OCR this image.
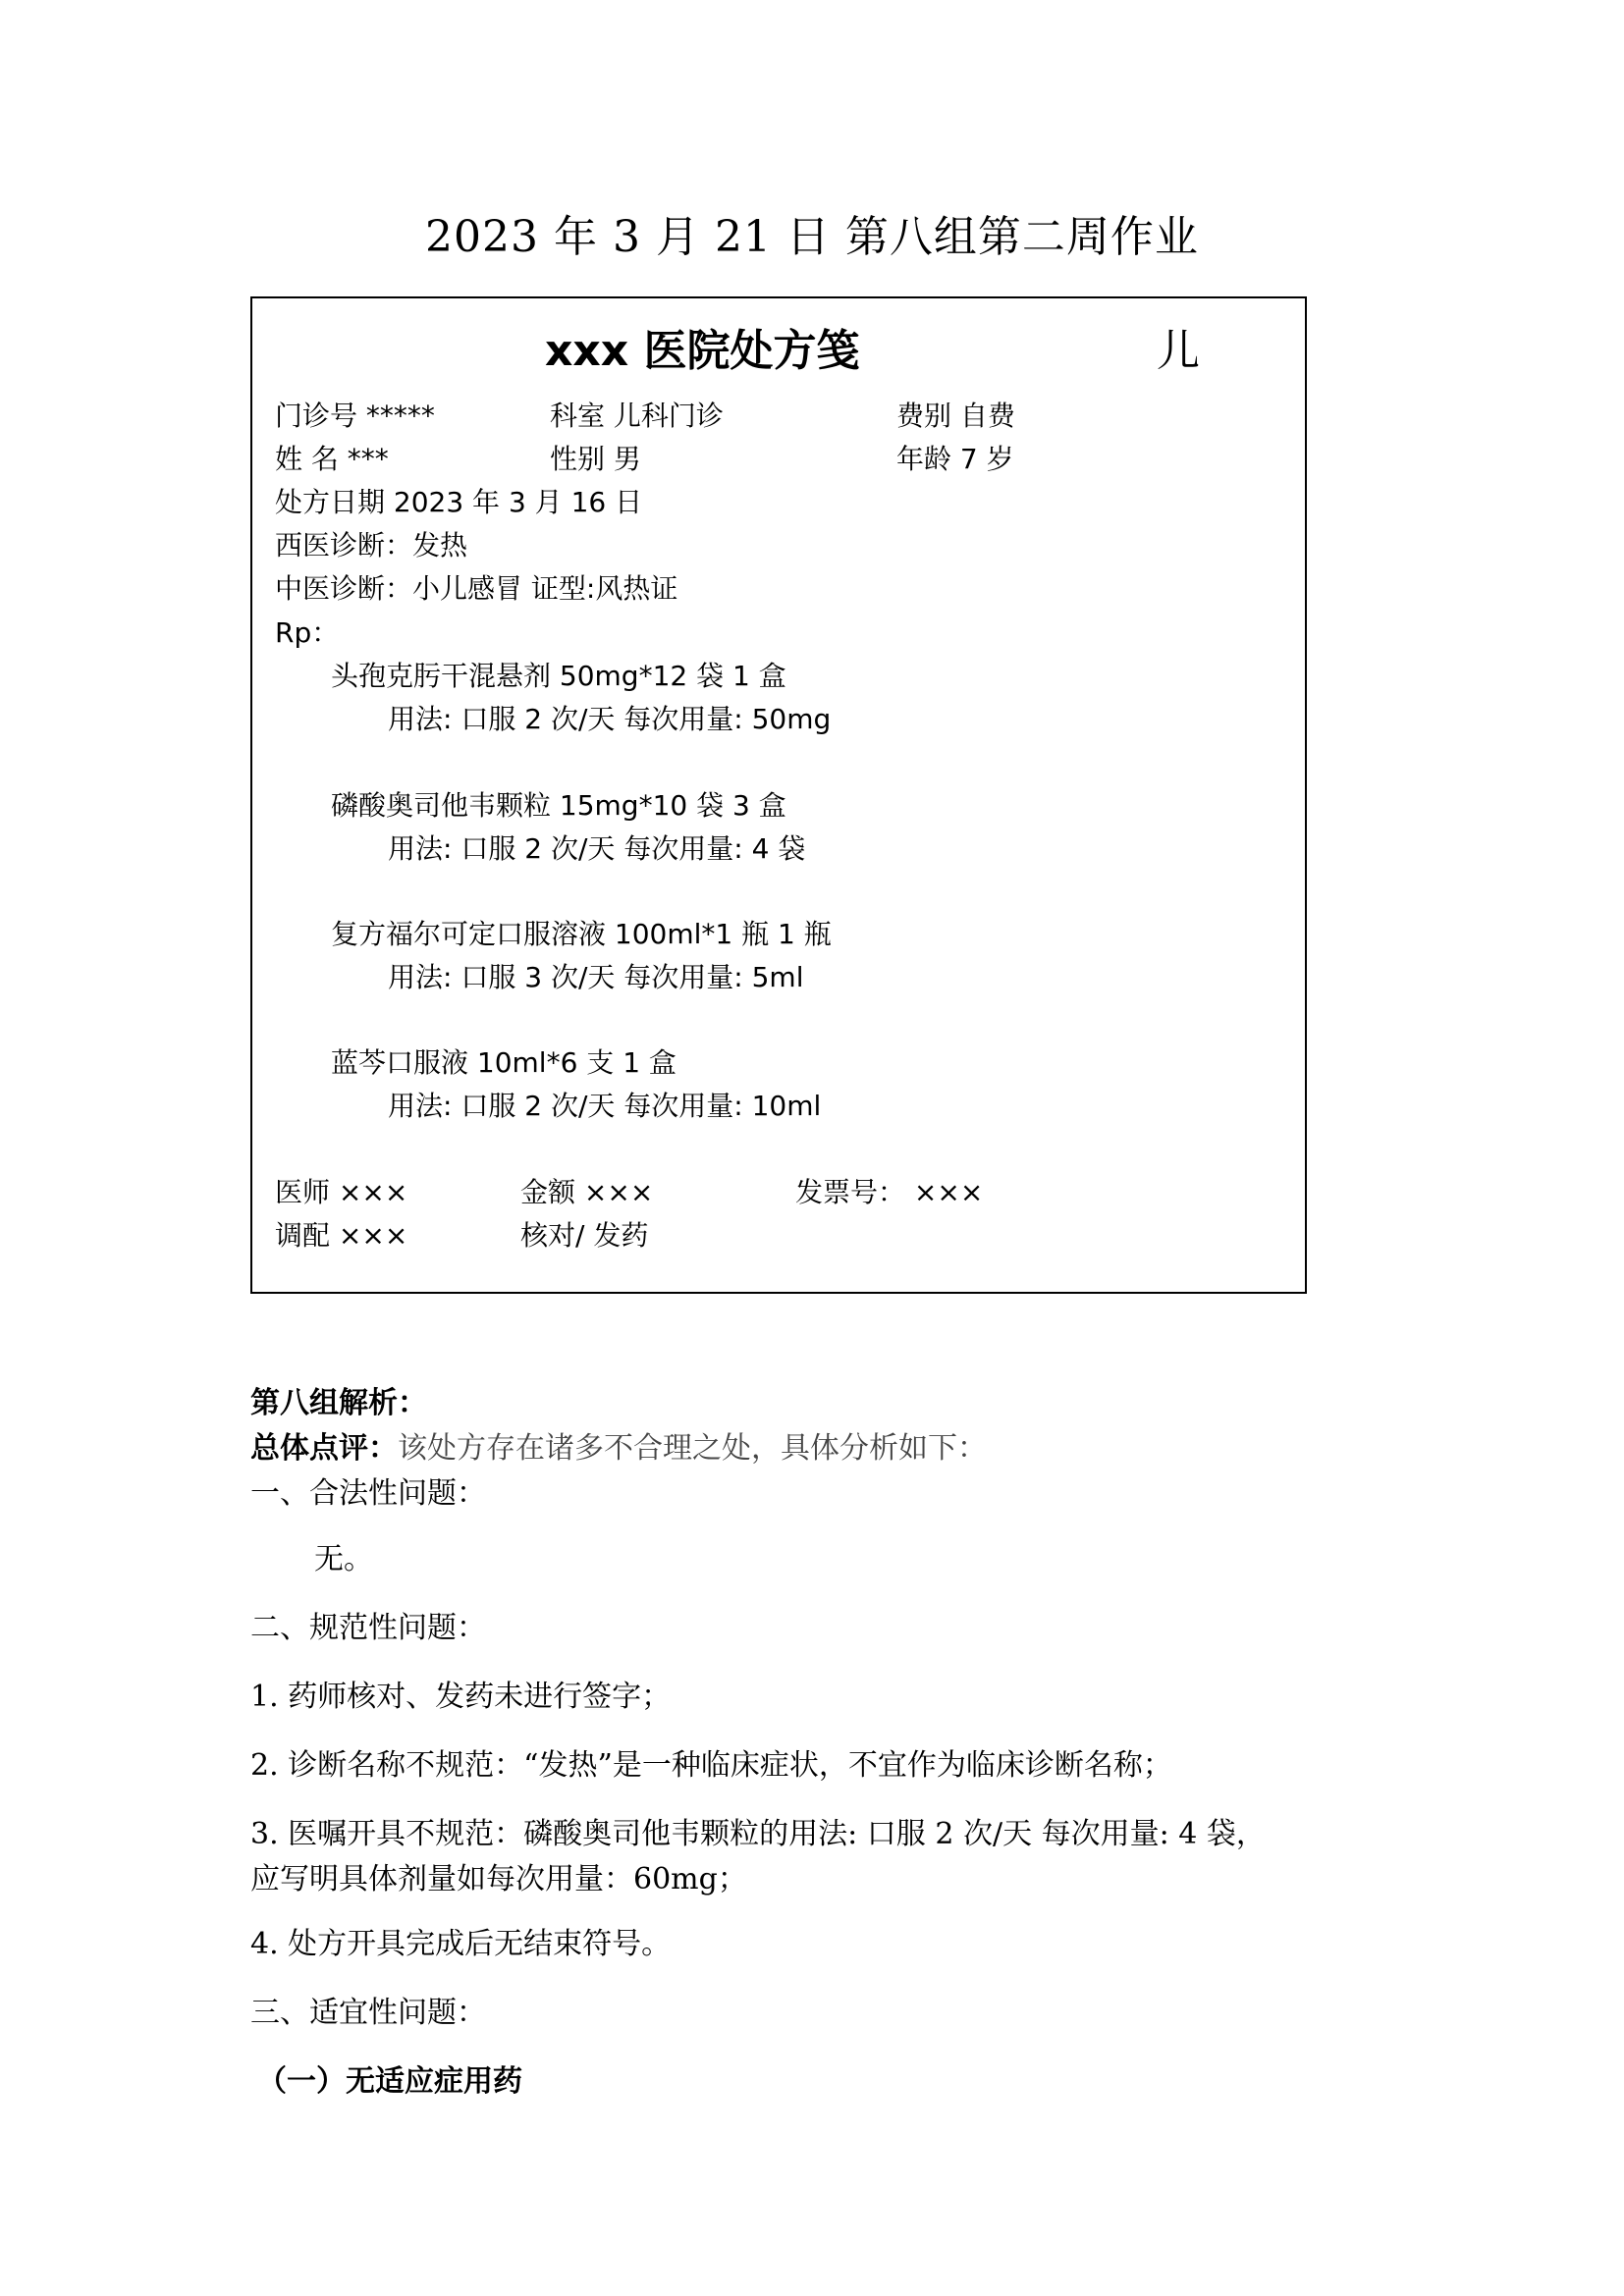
2023 年 3 月 21 日 第八组第二周作业
xxx 医院处方笺	儿
门诊号 *****	科室 儿科门诊	费别 自费
姓 名 ***	性别 男	年龄 7 岁
处方日期 2023 年 3 月 16 日
西医诊断：发热
中医诊断：小儿感冒 证型:风热证
Rp：
头孢克肟干混悬剂 50mg*12 袋 1 盒
用法: 口服 2 次/天 每次用量: 50mg
磷酸奥司他韦颗粒 15mg*10 袋 3 盒
用法: 口服 2 次/天 每次用量: 4 袋
复方福尔可定口服溶液 100ml*1 瓶 1 瓶
用法: 口服 3 次/天 每次用量: 5ml
蓝芩口服液 10ml*6 支 1 盒
用法: 口服 2 次/天 每次用量: 10ml
医师 ×××	金额 ×××	发票号： ×××
调配 ×××	核对/ 发药
第八组解析：
总体点评：该处方存在诸多不合理之处，具体分析如下：
一、合法性问题：
无。
二、规范性问题：
1. 药师核对、发药未进行签字；
2. 诊断名称不规范：“发热”是一种临床症状，不宜作为临床诊断名称；
3. 医嘱开具不规范：磷酸奥司他韦颗粒的用法: 口服 2 次/天 每次用量: 4 袋，
应写明具体剂量如每次用量：60mg；
4. 处方开具完成后无结束符号。
三、适宜性问题：
（一）无适应症用药
